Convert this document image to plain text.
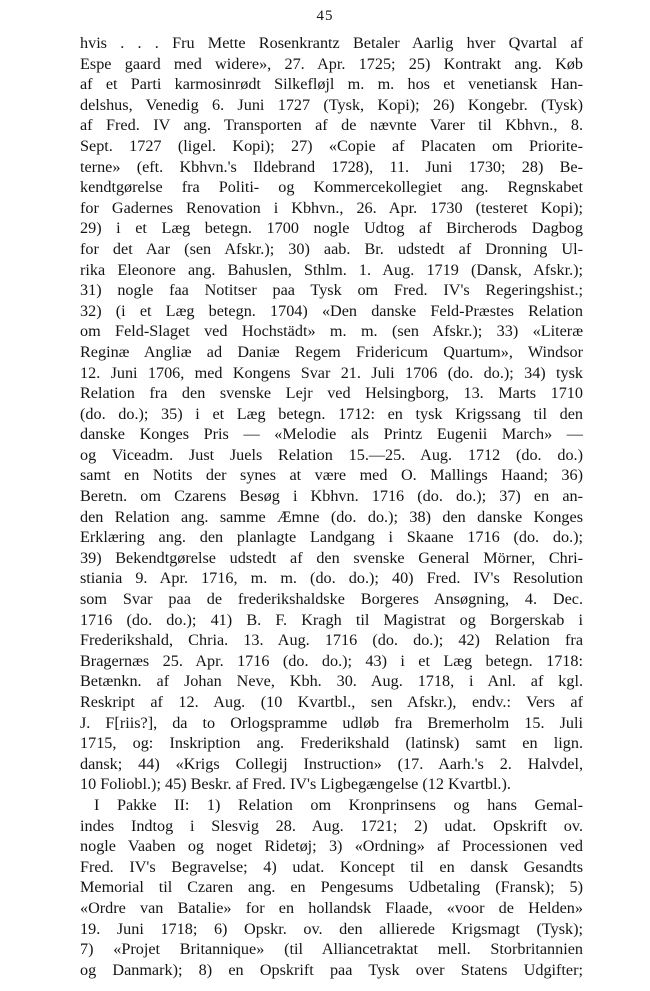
45
hvis . . . Fru Mette Rosenkrantz Betaler Aarlig hver Qvartal af
Espe gaard med widere», 27. Apr. 1725; 25) Kontrakt ang. Køb
af et Parti karmosinrødt Silkefløjl m. m. hos et venetiansk Han-
delshus, Venedig 6. Juni 1727 (Tysk, Kopi); 26) Kongebr. (Tysk)
af Fred. IV ang. Transporten af de nævnte Varer til Kbhvn., 8.
Sept. 1727 (ligel. Kopi); 27) «Copie af Placaten om Priorite-
terne» (eft. Kbhvn.'s Ildebrand 1728), 11. Juni 1730; 28) Be-
kendtgørelse fra Politi- og Kommercekollegiet ang. Regnskabet
for Gadernes Renovation i Kbhvn., 26. Apr. 1730 (testeret Kopi);
29) i et Læg betegn. 1700 nogle Udtog af Bircherods Dagbog
for det Aar (sen Afskr.); 30) aab. Br. udstedt af Dronning Ul-
rika Eleonore ang. Bahuslen, Sthlm. 1. Aug. 1719 (Dansk, Afskr.);
31) nogle faa Notitser paa Tysk om Fred. IV's Regeringshist.;
32) (i et Læg betegn. 1704) «Den danske Feld-Præstes Relation
om Feld-Slaget ved Hochstädt» m. m. (sen Afskr.); 33) «Literæ
Reginæ Angliæ ad Daniæ Regem Fridericum Quartum», Windsor
12. Juni 1706, med Kongens Svar 21. Juli 1706 (do. do.); 34) tysk
Relation fra den svenske Lejr ved Helsingborg, 13. Marts 1710
(do. do.); 35) i et Læg betegn. 1712: en tysk Krigssang til den
danske Konges Pris — «Melodie als Printz Eugenii March» —
og Viceadm. Just Juels Relation 15.—25. Aug. 1712 (do. do.)
samt en Notits der synes at være med O. Mallings Haand; 36)
Beretn. om Czarens Besøg i Kbhvn. 1716 (do. do.); 37) en an-
den Relation ang. samme Æmne (do. do.); 38) den danske Konges
Erklæring ang. den planlagte Landgang i Skaane 1716 (do. do.);
39) Bekendtgørelse udstedt af den svenske General Mörner, Chri-
stiania 9. Apr. 1716, m. m. (do. do.); 40) Fred. IV's Resolution
som Svar paa de frederikshaldske Borgeres Ansøgning, 4. Dec.
1716 (do. do.); 41) B. F. Kragh til Magistrat og Borgerskab i
Frederikshald, Chria. 13. Aug. 1716 (do. do.); 42) Relation fra
Bragernæs 25. Apr. 1716 (do. do.); 43) i et Læg betegn. 1718:
Betænkn. af Johan Neve, Kbh. 30. Aug. 1718, i Anl. af kgl.
Reskript af 12. Aug. (10 Kvartbl., sen Afskr.), endv.: Vers af
J. F[riis?], da to Orlogspramme udløb fra Bremerholm 15. Juli
1715, og: Inskription ang. Frederikshald (latinsk) samt en lign.
dansk; 44) «Krigs Collegij Instruction» (17. Aarh.'s 2. Halvdel,
10 Foliobl.); 45) Beskr. af Fred. IV's Ligbegængelse (12 Kvartbl.).
I Pakke II: 1) Relation om Kronprinsens og hans Gemal-
indes Indtog i Slesvig 28. Aug. 1721; 2) udat. Opskrift ov.
nogle Vaaben og noget Ridetøj; 3) «Ordning» af Processionen ved
Fred. IV's Begravelse; 4) udat. Koncept til en dansk Gesandts
Memorial til Czaren ang. en Pengesums Udbetaling (Fransk); 5)
«Ordre van Batalie» for en hollandsk Flaade, «voor de Helden»
19. Juni 1718; 6) Opskr. ov. den allierede Krigsmagt (Tysk);
7) «Projet Britannique» (til Alliancetraktat mell. Storbritannien
og Danmark); 8) en Opskrift paa Tysk over Statens Udgifter;
